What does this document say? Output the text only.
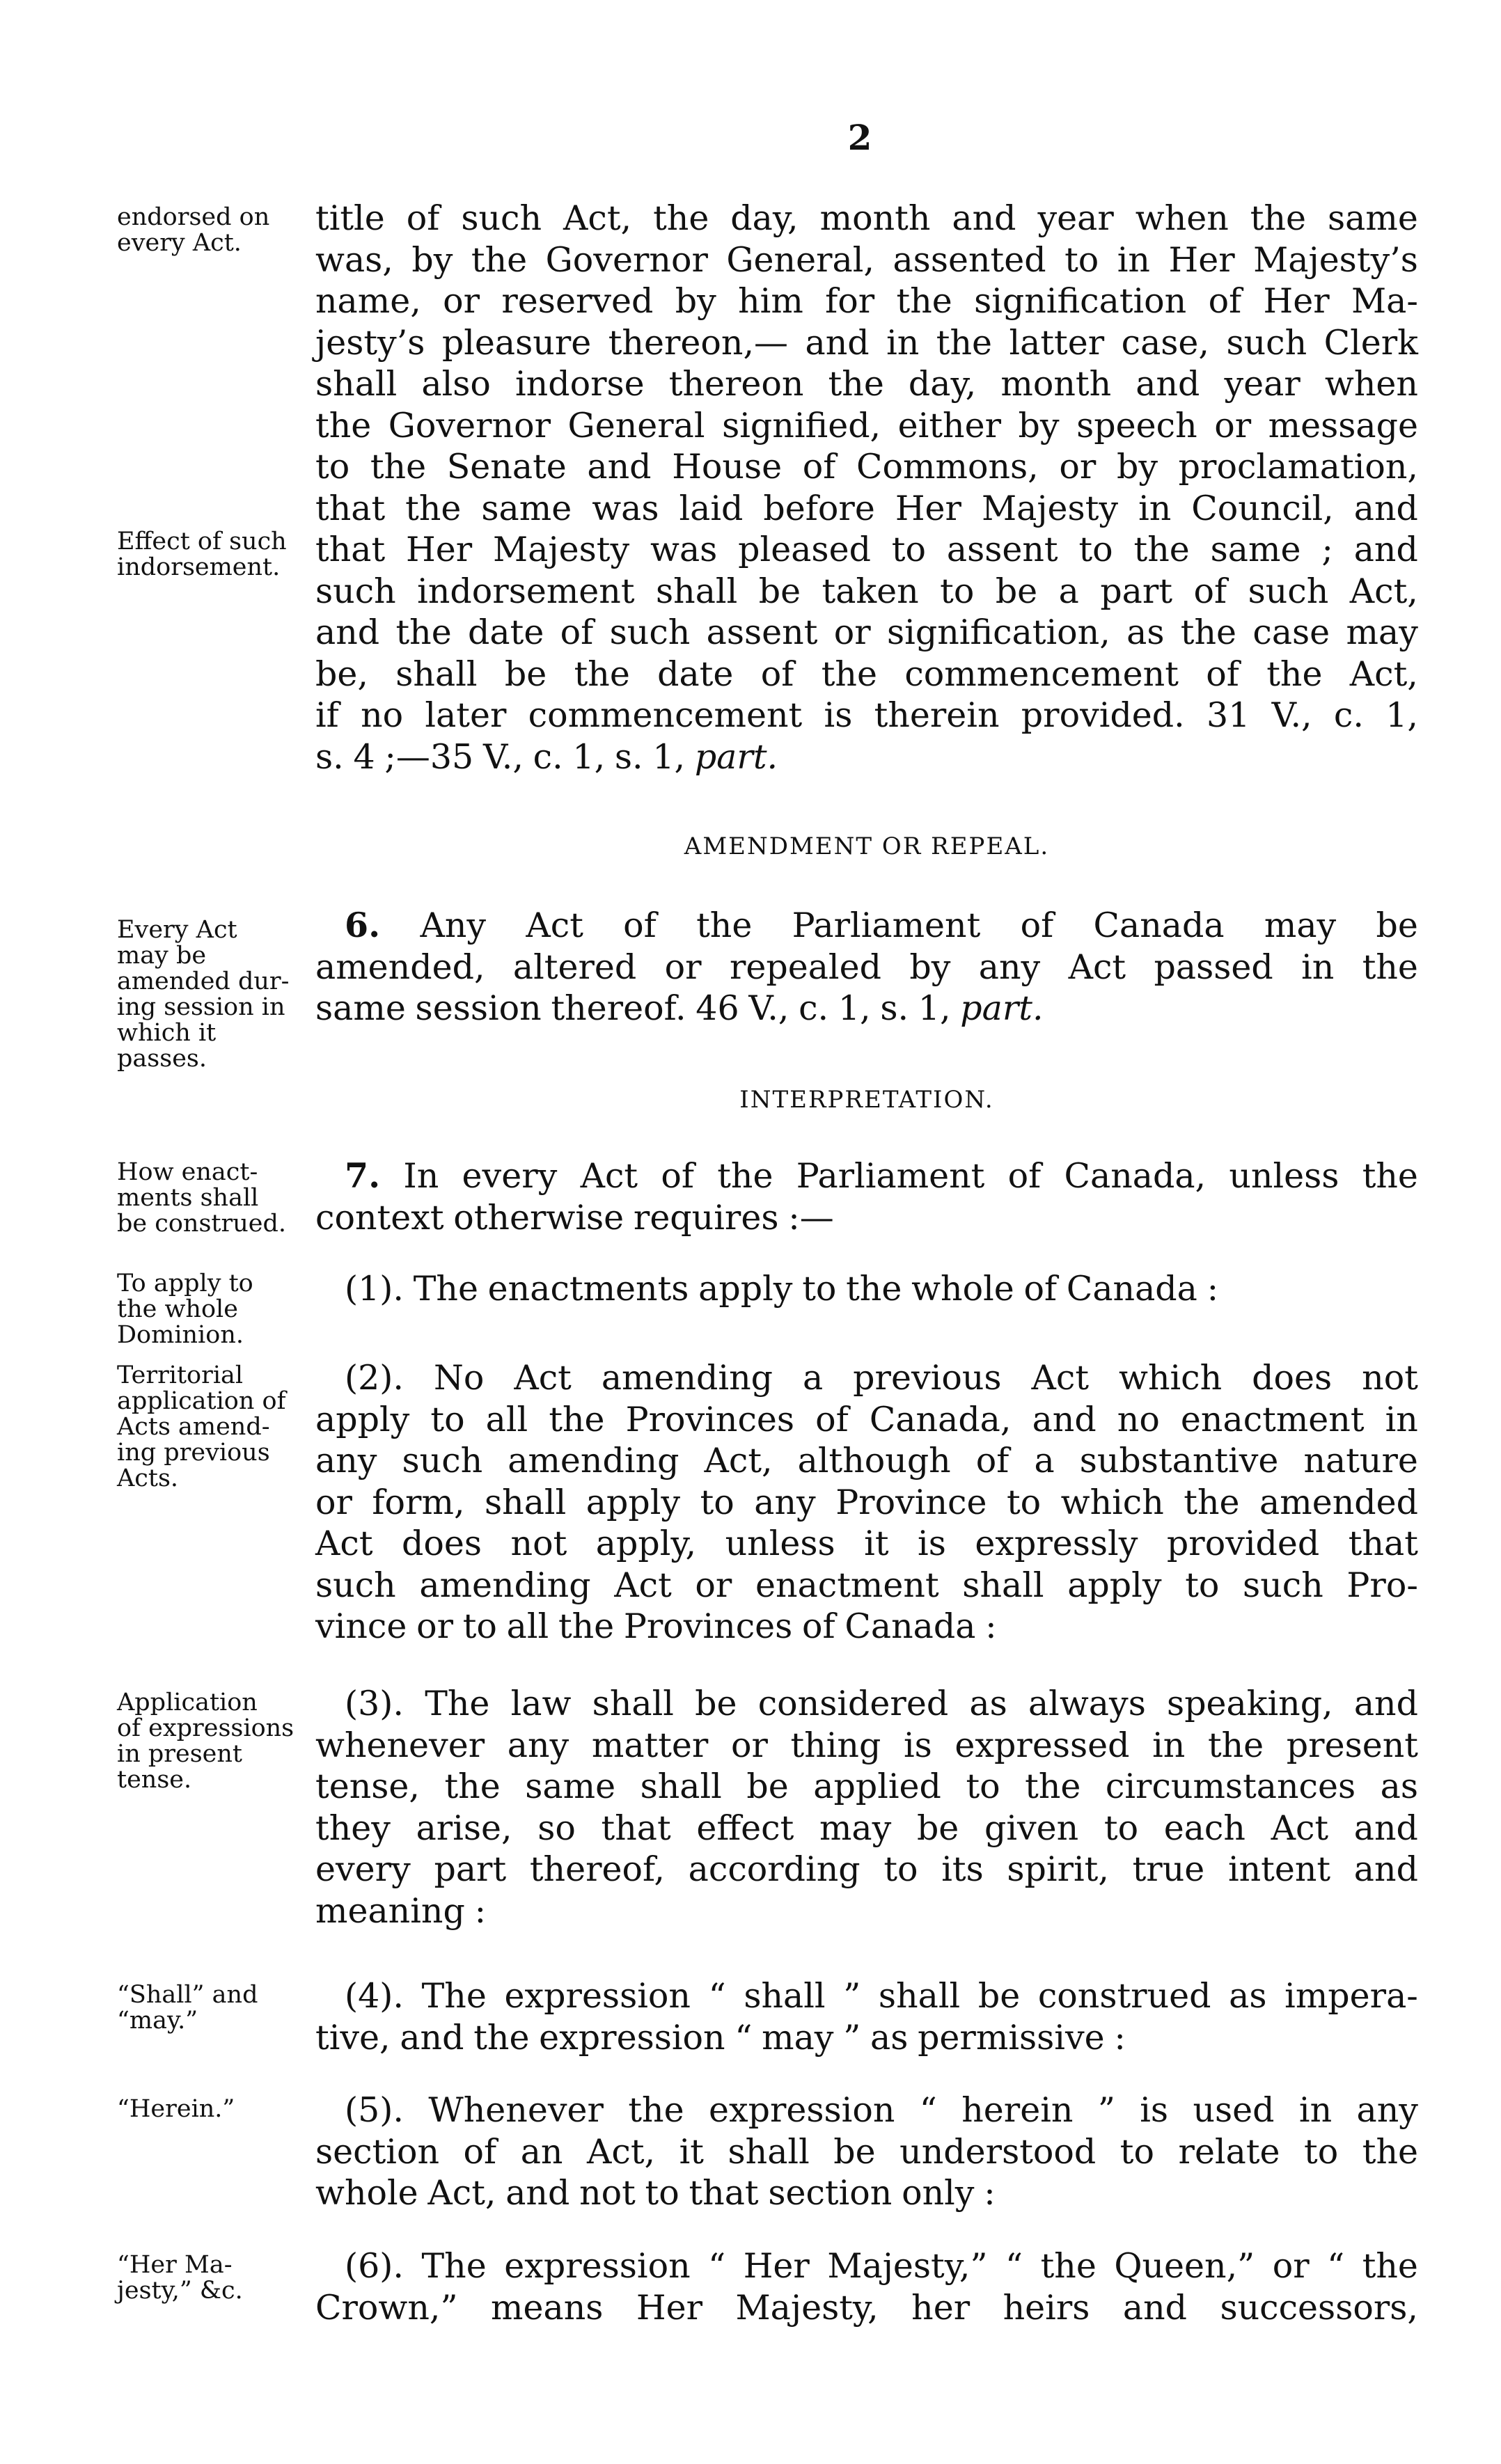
2
endorsed on
every Act.
Effect of such
indorsement.
Every Act
may be
amended dur-
ing session in
which it
passes.
How enact-
ments shall
be construed.
To apply to
the whole
Dominion.
Territorial
application of
Acts amend-
ing previous
Acts.
Application
of expressions
in present
tense.
“Shall” and
“may.”
“Herein.”
“Her Ma-
jesty,” &c.
AMENDMENT OR REPEAL.
INTERPRETATION.
title of such Act, the day, month and year when the same
was, by the Governor General, assented to in Her Majesty’s
name, or reserved by him for the signification of Her Ma-
jesty’s pleasure thereon,— and in the latter case, such Clerk
shall also indorse thereon the day, month and year when
the Governor General signified, either by speech or message
to the Senate and House of Commons, or by proclamation,
that the same was laid before Her Majesty in Council, and
that Her Majesty was pleased to assent to the same ; and
such indorsement shall be taken to be a part of such Act,
and the date of such assent or signification, as the case may
be, shall be the date of the commencement of the Act,
if no later commencement is therein provided. 31 V., c. 1,
s. 4 ;—35 V., c. 1, s. 1, part.
6. Any Act of the Parliament of Canada may be
amended, altered or repealed by any Act passed in the
same session thereof. 46 V., c. 1, s. 1, part.
7. In every Act of the Parliament of Canada, unless the
context otherwise requires :—
(1). The enactments apply to the whole of Canada :
(2). No Act amending a previous Act which does not
apply to all the Provinces of Canada, and no enactment in
any such amending Act, although of a substantive nature
or form, shall apply to any Province to which the amended
Act does not apply, unless it is expressly provided that
such amending Act or enactment shall apply to such Pro-
vince or to all the Provinces of Canada :
(3). The law shall be considered as always speaking, and
whenever any matter or thing is expressed in the present
tense, the same shall be applied to the circumstances as
they arise, so that effect may be given to each Act and
every part thereof, according to its spirit, true intent and
meaning :
(4). The expression “ shall ” shall be construed as impera-
tive, and the expression “ may ” as permissive :
(5). Whenever the expression “ herein ” is used in any
section of an Act, it shall be understood to relate to the
whole Act, and not to that section only :
(6). The expression “ Her Majesty,” “ the Queen,” or “ the
Crown,” means Her Majesty, her heirs and successors,
